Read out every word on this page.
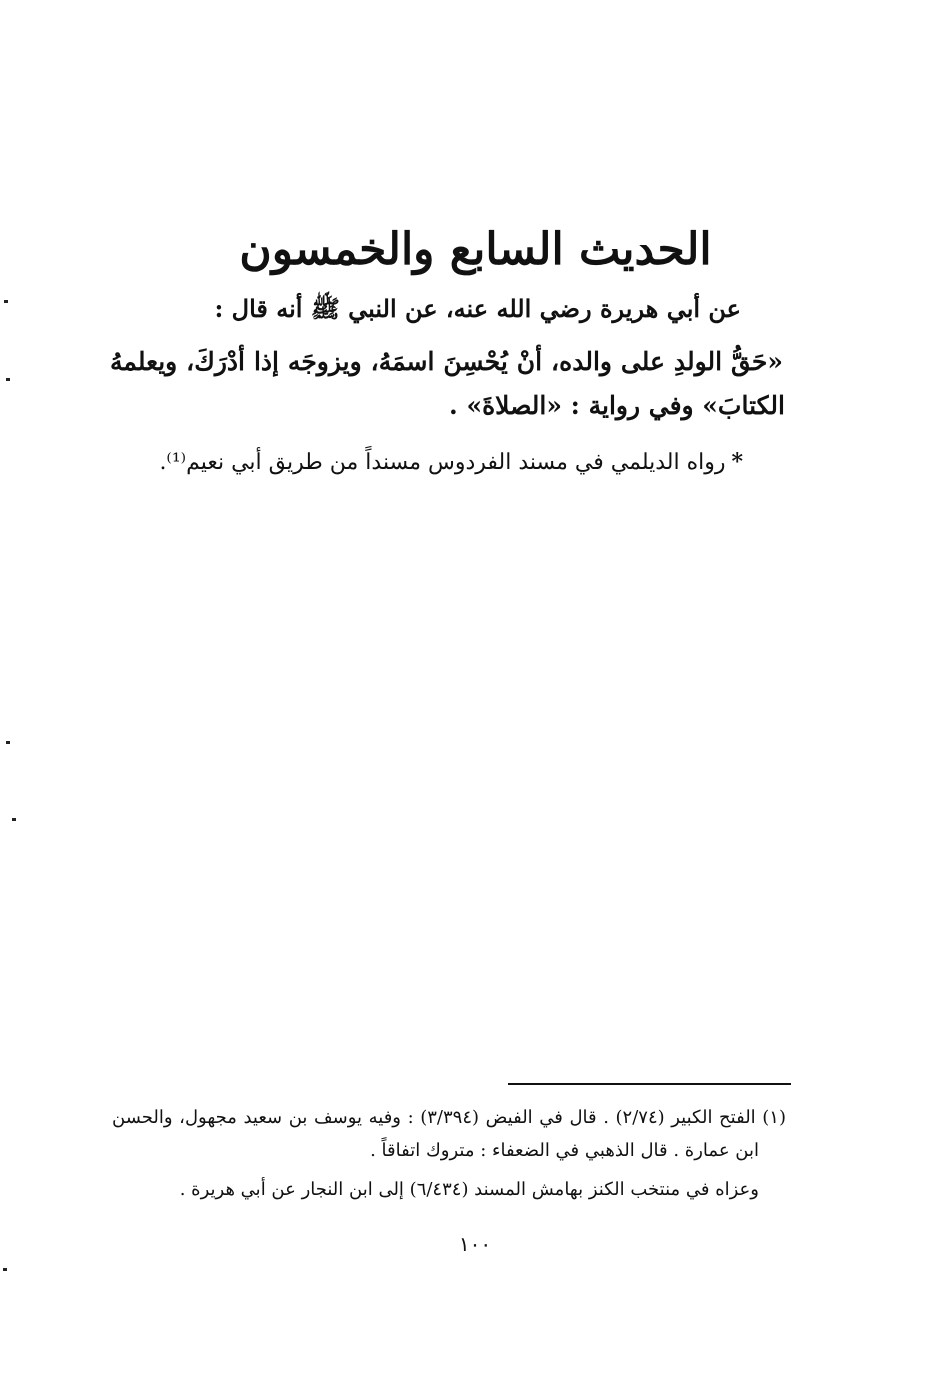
الحديث السابع والخمسون
عن أبي هريرة رضي الله عنه، عن النبي ﷺ أنه قال :
«حَقُّ الولدِ على والده، أنْ يُحْسِنَ اسمَهُ، ويزوجَه إذا أدْرَكَ، ويعلمهُ
الكتابَ» وفي رواية : «الصلاةَ» .
*رواه الديلمي في مسند الفردوس مسنداً من طريق أبي نعيم⁽¹⁾.
(١) الفتح الكبير (٢/٧٤) . قال في الفيض (٣/٣٩٤) : وفيه يوسف بن سعيد مجهول، والحسن
ابن عمارة . قال الذهبي في الضعفاء : متروك اتفاقاً .
وعزاه في منتخب الكنز بهامش المسند (٦/٤٣٤) إلى ابن النجار عن أبي هريرة .
١٠٠
